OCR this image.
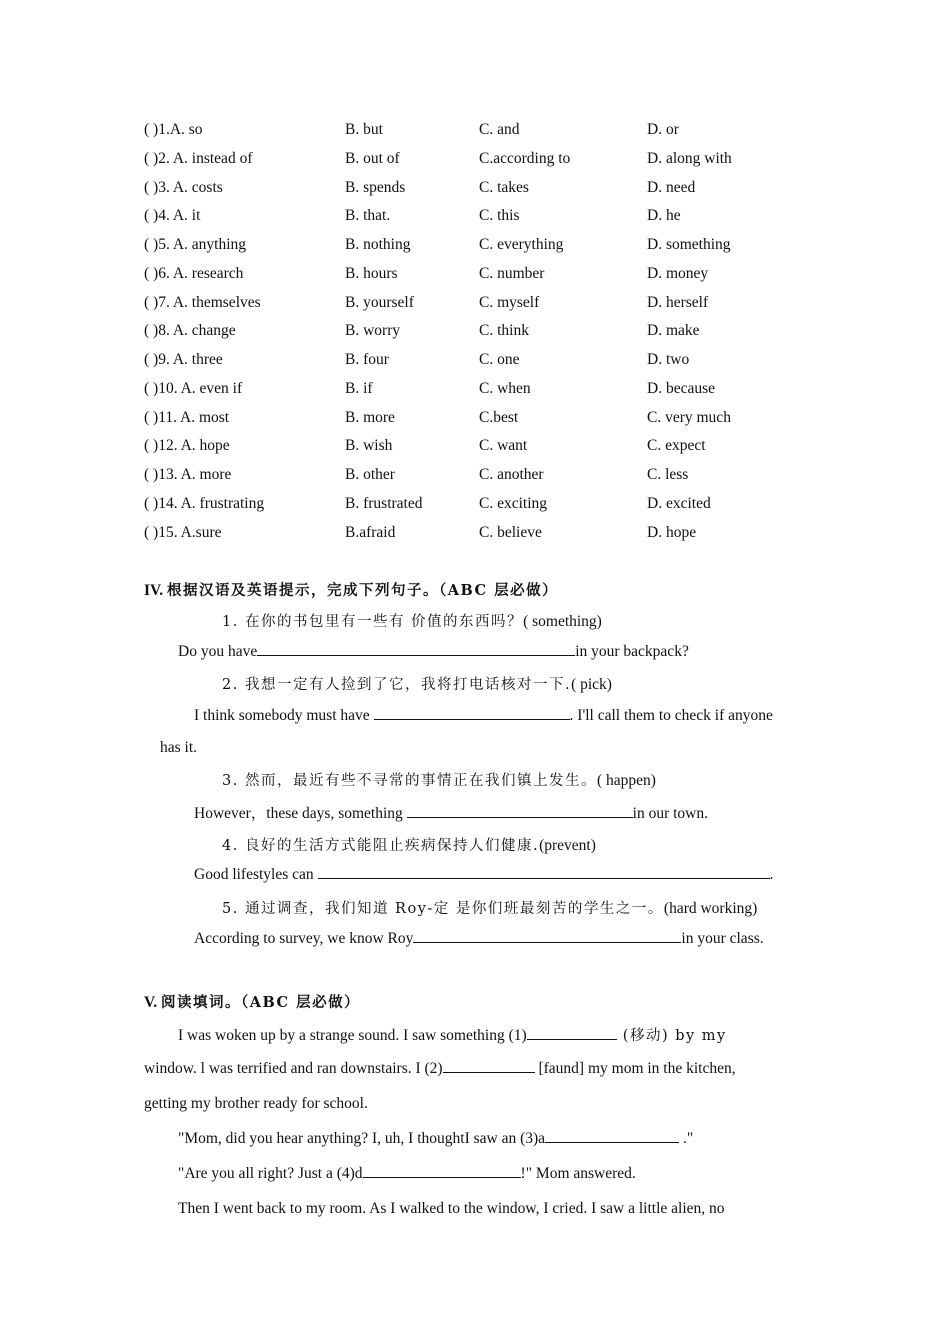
( )1.A. so	B. but	C. and	D. or
( )2. A. instead of	B. out of	C.according to	D. along with
( )3. A. costs	B. spends	C. takes	D. need
( )4. A. it	B. that.	C. this	D. he
( )5. A. anything	B. nothing	C. everything	D. something
( )6. A. research	B. hours	C. number	D. money
( )7. A. themselves	B. yourself	C. myself	D. herself
( )8. A. change	B. worry	C. think	D. make
( )9. A. three	B. four	C. one	D. two
( )10. A. even if	B. if	C. when	D. because
( )11. A. most	B. more	C.best	C. very much
( )12. A. hope	B. wish	C. want	C. expect
( )13. A. more	B. other	C. another	C. less
( )14. A. frustrating	B. frustrated	C. exciting	D. excited
( )15. A.sure	B.afraid	C. believe	D. hope
IV. 根据汉语及英语提示，完成下列句子。（ABC 层必做）
1. 在你的书包里有一些有 价值的东西吗？( something)
Do you have	in your backpack?
2. 我想一定有人捡到了它，我将打电话核对一下.( pick)
I think somebody must have	. I'll call them to check if anyone
has it.
3. 然而，最近有些不寻常的事情正在我们镇上发生。( happen)
However，these days, something	in our town.
4. 良好的生活方式能阻止疾病保持人们健康.(prevent)
Good lifestyles can	.
5. 通过调查，我们知道 Roy-定 是你们班最刻苦的学生之一。(hard working)
According to survey, we know Roy	in your class.
V. 阅读填词。（ABC 层必做）
I was woken up by a strange sound. I saw something (1)	(移动) by my
window. l was terrified and ran downstairs. I (2)	[faund] my mom in the kitchen,
getting my brother ready for school.
"Mom, did you hear anything? I, uh, I thoughtI saw an (3)a	."
"Are you all right? Just a (4)d	!" Mom answered.
Then I went back to my room. As I walked to the window, I cried. I saw a little alien, no
